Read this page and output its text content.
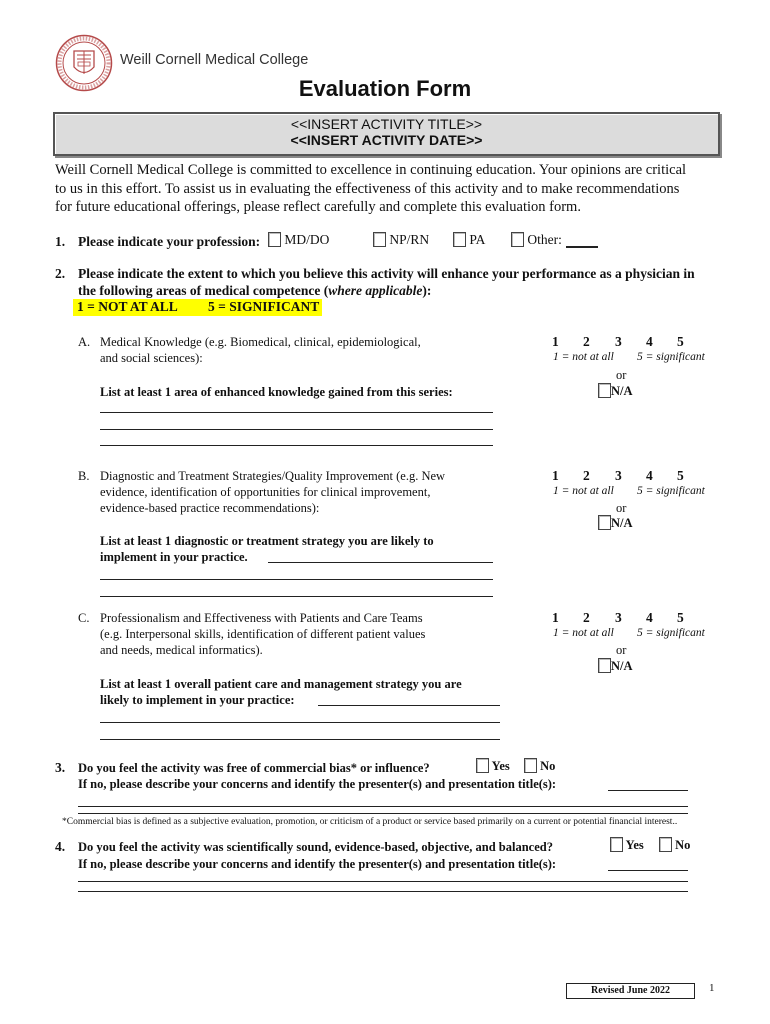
Weill Cornell Medical College
Evaluation Form
<<INSERT ACTIVITY TITLE>>
<<INSERT ACTIVITY DATE>>
Weill Cornell Medical College is committed to excellence in continuing education. Your opinions are critical
to us in this effort. To assist us in evaluating the effectiveness of this activity and to make recommendations
for future educational offerings, please reflect carefully and complete this evaluation form.
1. Please indicate your profession:	MD/DO	NP/RN	PA	Other:
2. Please indicate the extent to which you believe this activity will enhance your performance as a physician in
the following areas of medical competence (where applicable):
1 = NOT AT ALL 5 = SIGNIFICANT
A. Medical Knowledge (e.g. Biomedical, clinical, epidemiological,
and social sciences):
List at least 1 area of enhanced knowledge gained from this series:
1 2 3 4 5
1 = not at all 5 = significant
or
N/A
B. Diagnostic and Treatment Strategies/Quality Improvement (e.g. New
evidence, identification of opportunities for clinical improvement,
evidence-based practice recommendations):
List at least 1 diagnostic or treatment strategy you are likely to
implement in your practice.
1 2 3 4 5
1 = not at all 5 = significant
or
N/A
C. Professionalism and Effectiveness with Patients and Care Teams
(e.g. Interpersonal skills, identification of different patient values
and needs, medical informatics).
List at least 1 overall patient care and management strategy you are
likely to implement in your practice:
1 2 3 4 5
1 = not at all 5 = significant
or
N/A
3. Do you feel the activity was free of commercial bias* or influence?	Yes	No
If no, please describe your concerns and identify the presenter(s) and presentation title(s):
*Commercial bias is defined as a subjective evaluation, promotion, or criticism of a product or service based primarily on a current or potential financial interest..
4. Do you feel the activity was scientifically sound, evidence-based, objective, and balanced?	Yes	No
If no, please describe your concerns and identify the presenter(s) and presentation title(s):
Revised June 2022	1
